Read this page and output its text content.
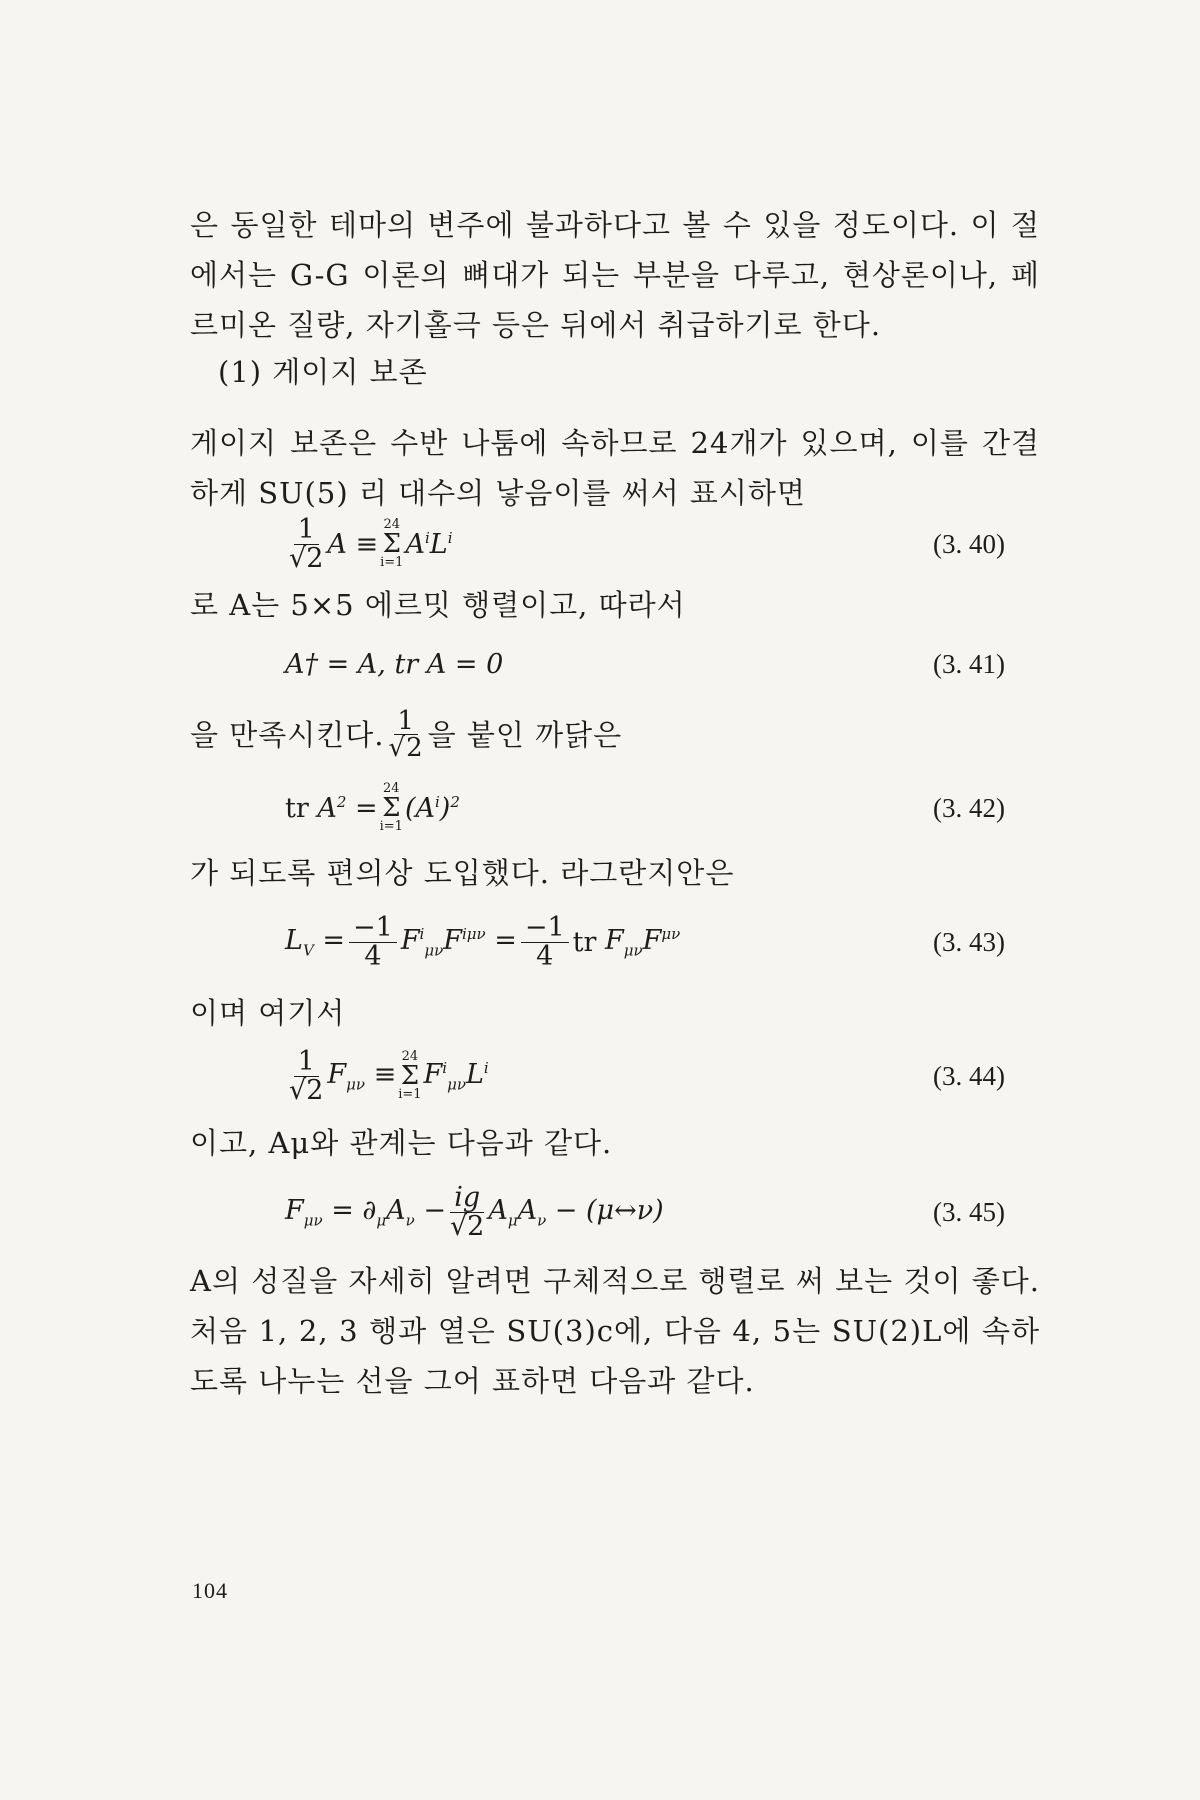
은 동일한 테마의 변주에 불과하다고 볼 수 있을 정도이다. 이 절에서는 G-G 이론의 뼈대가 되는 부분을 다루고, 현상론이나, 페르미온 질량, 자기홀극 등은 뒤에서 취급하기로 한다.

(1) 게이지 보존

게이지 보존은 수반 나툼에 속하므로 24개가 있으며, 이를 간결하게 SU(5) 리 대수의 낳음이를 써서 표시하면

$\frac{1}{√2}$ A ≡
24
Σ
i=1
$A^iL^i$	(3. 40)

로 A는 5×5 에르밋 행렬이고, 따라서

A† = A, tr A = 0	(3. 41)
을 만족시킨다. $\frac{1}{√2}$ 을 붙인 까닭은
tr $A^2$ =
24
Σ
i=1
$(A^i)^2$	(3. 42)

가 되도록 편의상 도입했다. 라그란지안은

$L_V = \frac{-1}{4} F^i_{\mu\nu}F^{i\mu\nu} = \frac{-1}{4}$ tr $F_{\mu\nu}F^{\mu\nu}$	(3. 43)

이며 여기서

$\frac{1}{√2} F_{\mu\nu}$ ≡
24
Σ
i=1
$F^i_{\mu\nu}L^i$	(3. 44)

이고, Aμ와 관계는 다음과 같다.

$F_{\mu\nu} = \partial_\mu A_\nu - \frac{ig}{√2} A_\mu A_\nu$ − (μ↔ν)	(3. 45)

A의 성질을 자세히 알려면 구체적으로 행렬로 써 보는 것이 좋다. 처음 1, 2, 3 행과 열은 SU(3)c에, 다음 4, 5는 SU(2)L에 속하도록 나누는 선을 그어 표하면 다음과 같다.

104
